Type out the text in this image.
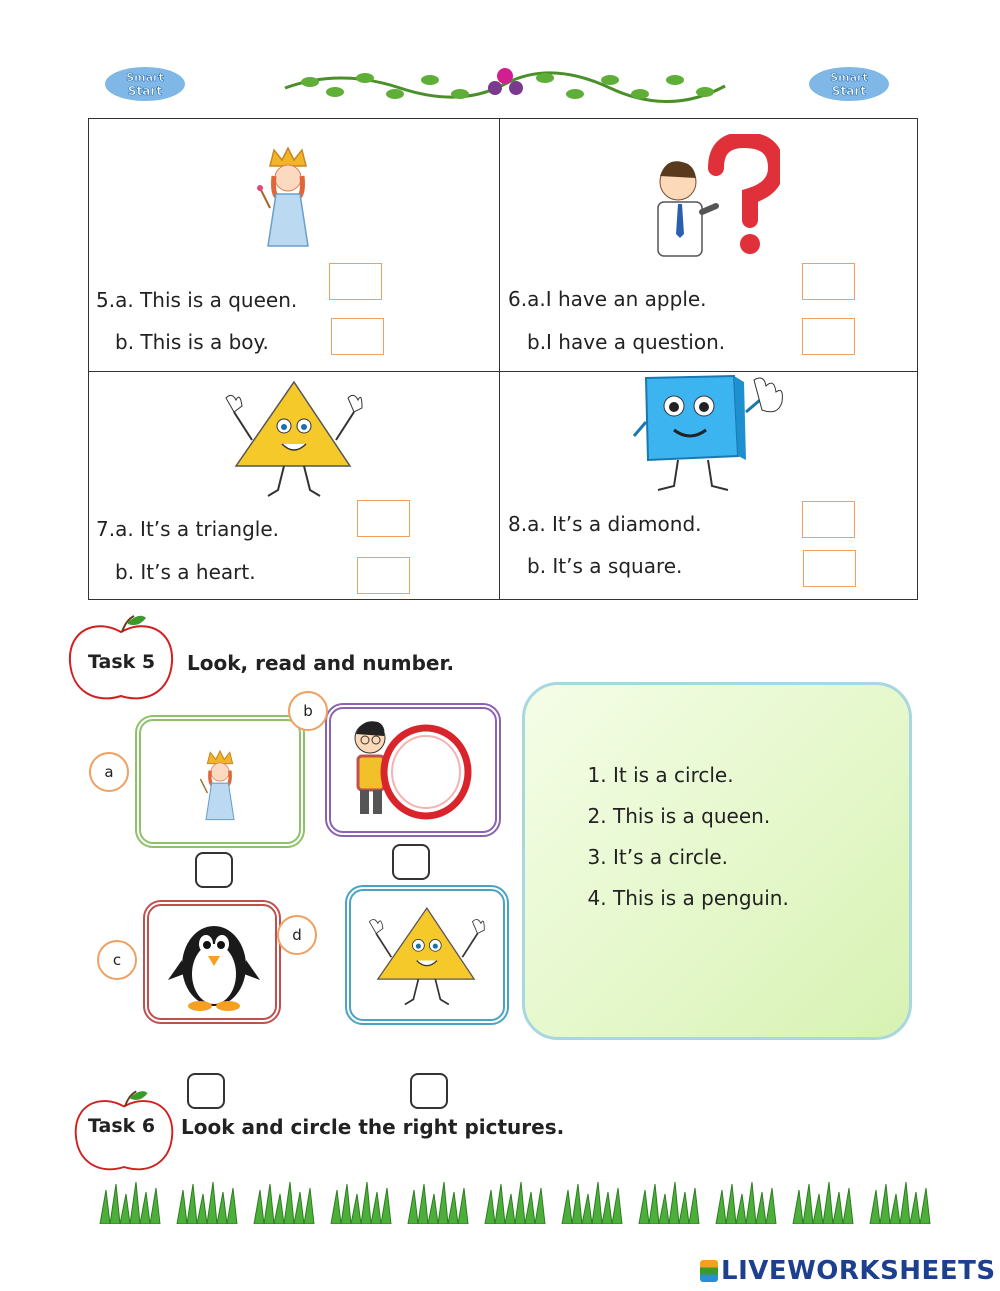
Smart
Start
Smart
Start
5.a. This is a queen.
b. This is a boy.
6.a.I have an apple.
b.I have a question.
7.a. It’s a triangle.
b. It’s a heart.
8.a. It’s a diamond.
b. It’s a square.
Task 5 Look, read and number.
a
b
c
d
1. It is a circle.
2. This is a queen.
3. It’s a circle.
4. This is a penguin.
Task 6 Look and circle the right pictures.
LIVEWORKSHEETS
